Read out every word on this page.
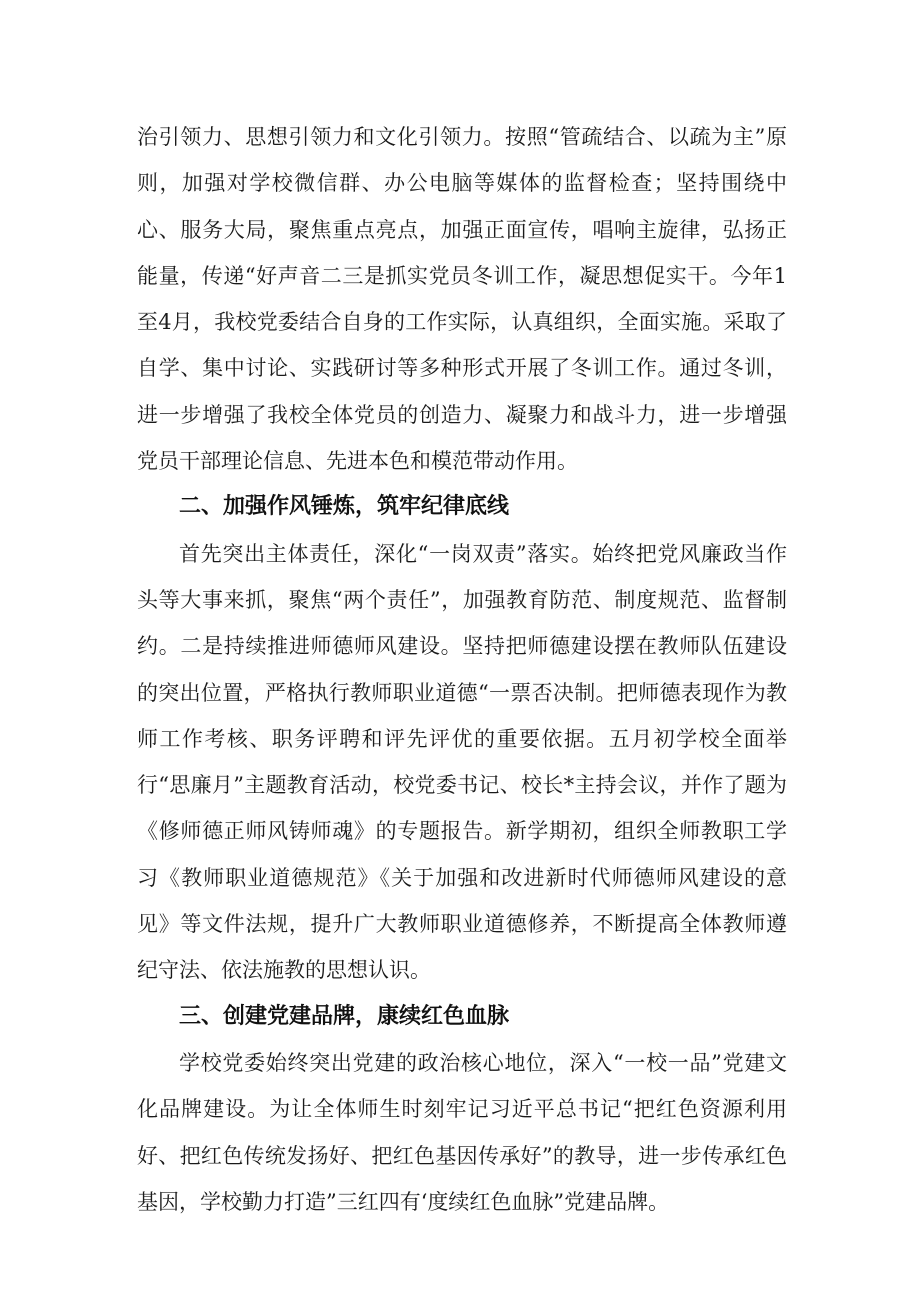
治引领力、思想引领力和文化引领力。按照“管疏结合、以疏为主”原则，加强对学校微信群、办公电脑等媒体的监督检查；坚持围绕中心、服务大局，聚焦重点亮点，加强正面宣传，唱响主旋律，弘扬正能量，传递“好声音二三是抓实党员冬训工作，凝思想促实干。今年1至4月，我校党委结合自身的工作实际，认真组织，全面实施。采取了自学、集中讨论、实践研讨等多种形式开展了冬训工作。通过冬训，进一步增强了我校全体党员的创造力、凝聚力和战斗力，进一步增强党员干部理论信息、先进本色和模范带动作用。

二、加强作风锤炼，筑牢纪律底线

首先突出主体责任，深化“一岗双责”落实。始终把党风廉政当作头等大事来抓，聚焦“两个责任”，加强教育防范、制度规范、监督制约。二是持续推进师德师风建设。坚持把师德建设摆在教师队伍建设的突出位置，严格执行教师职业道德“一票否决制。把师德表现作为教师工作考核、职务评聘和评先评优的重要依据。五月初学校全面举行“思廉月”主题教育活动，校党委书记、校长*主持会议，并作了题为《修师德正师风铸师魂》的专题报告。新学期初，组织全师教职工学习《教师职业道德规范》《关于加强和改进新时代师德师风建设的意见》等文件法规，提升广大教师职业道德修养，不断提高全体教师遵纪守法、依法施教的思想认识。

三、创建党建品牌，康续红色血脉

学校党委始终突出党建的政治核心地位，深入“一校一品”党建文化品牌建设。为让全体师生时刻牢记习近平总书记“把红色资源利用好、把红色传统发扬好、把红色基因传承好”的教导，进一步传承红色基因，学校勤力打造”三红四有‘度续红色血脉”党建品牌。
